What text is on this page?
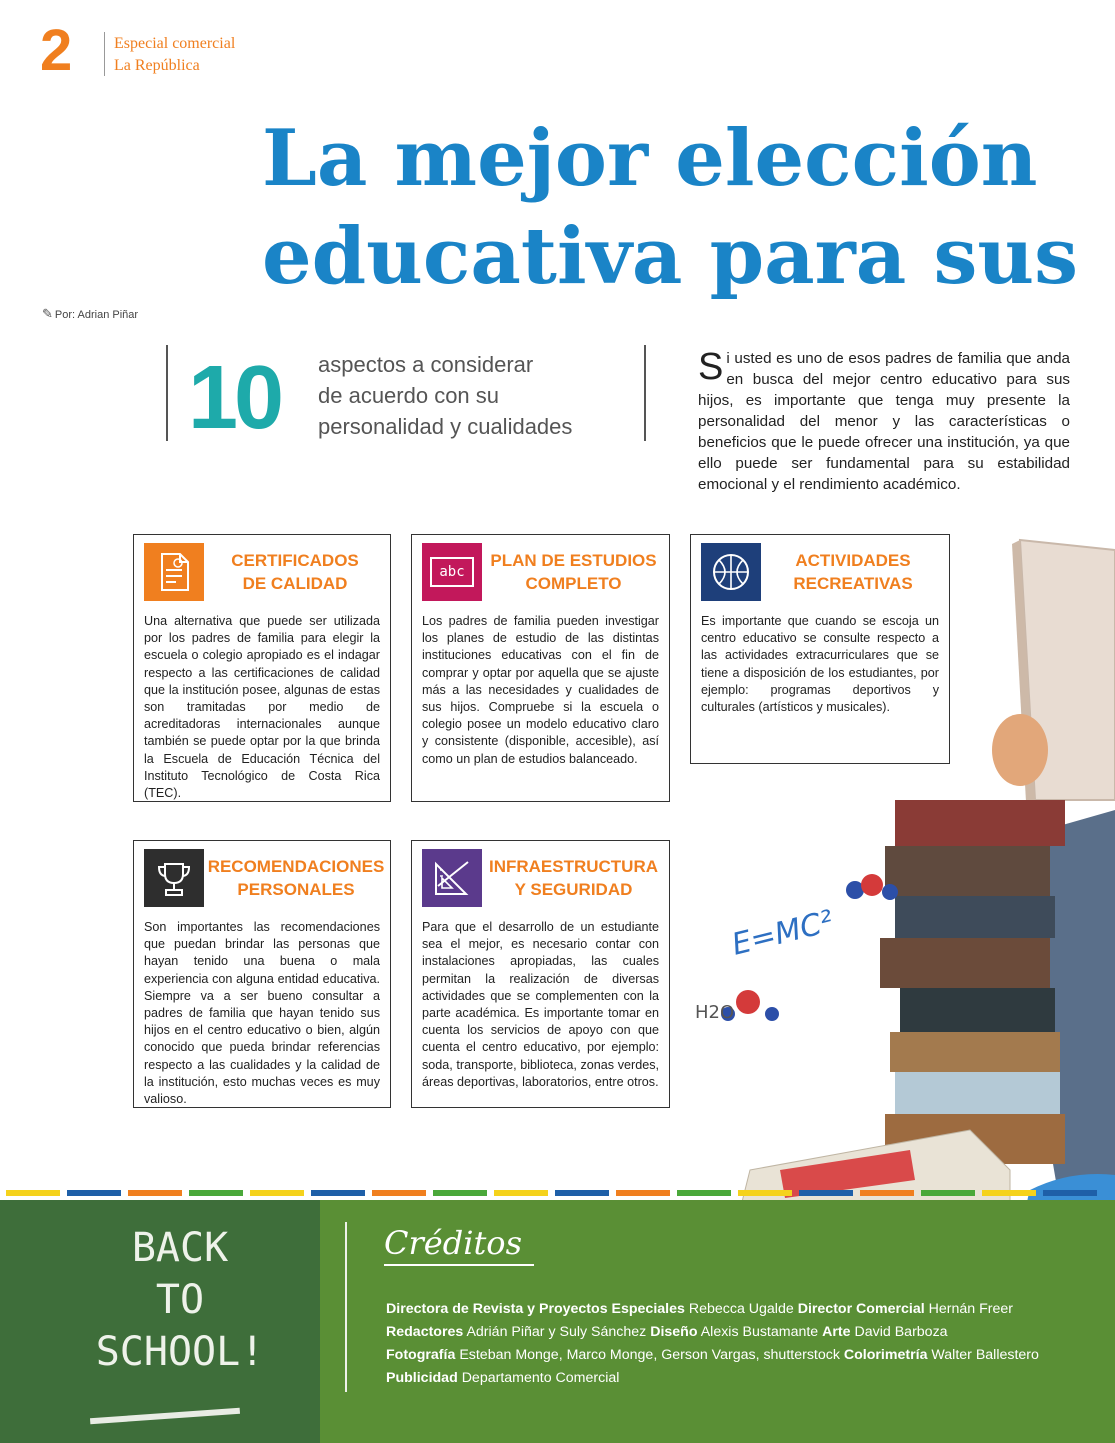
2	Especial comercial
La República
La mejor elección
educativa para sus
✎ Por: Adrian Piñar
10 aspectos a considerar
de acuerdo con su
personalidad y cualidades
Si usted es uno de esos padres de familia que anda en busca del mejor centro educativo para sus hijos, es importante que tenga muy presente la personalidad del menor y las características o beneficios que le puede ofrecer una institución, ya que ello puede ser fundamental para su estabilidad emocional y el rendimiento académico.
CERTIFICADOS
DE CALIDAD
Una alternativa que puede ser utilizada por los padres de familia para elegir la escuela o colegio apropiado es el indagar respecto a las certificaciones de calidad que la institución posee, algunas de estas son tramitadas por medio de acreditadoras internacionales aunque también se puede optar por la que brinda la Escuela de Educación Técnica del Instituto Tecnológico de Costa Rica (TEC).
abc
PLAN DE ESTUDIOS
COMPLETO
Los padres de familia pueden investigar los planes de estudio de las distintas instituciones educativas con el fin de comprar y optar por aquella que se ajuste más a las necesidades y cualidades de sus hijos. Compruebe si la escuela o colegio posee un modelo educativo claro y consistente (disponible, accesible), así como un plan de estudios balanceado.
ACTIVIDADES
RECREATIVAS
Es importante que cuando se escoja un centro educativo se consulte respecto a las actividades extracurriculares que se tiene a disposición de los estudiantes, por ejemplo: programas deportivos y culturales (artísticos y musicales).
RECOMENDACIONES
PERSONALES
Son importantes las recomendaciones que puedan brindar las personas que hayan tenido una buena o mala experiencia con alguna entidad educativa. Siempre va a ser bueno consultar a padres de familia que hayan tenido sus hijos en el centro educativo o bien, algún conocido que pueda brindar referencias respecto a las cualidades y la calidad de la institución, esto muchas veces es muy valioso.
INFRAESTRUCTURA
Y SEGURIDAD
Para que el desarrollo de un estudiante sea el mejor, es necesario contar con instalaciones apropiadas, las cuales permitan la realización de diversas actividades que se complementen con la parte académica. Es importante tomar en cuenta los servicios de apoyo con que cuenta el centro educativo, por ejemplo: soda, transporte, biblioteca, zonas verdes, áreas deportivas, laboratorios, entre otros.
E=MC²
H2O
BACK
TO
SCHOOL!
Créditos
Directora de Revista y Proyectos Especiales Rebecca Ugalde Director Comercial Hernán Freer
Redactores Adrián Piñar y Suly Sánchez Diseño Alexis Bustamante Arte David Barboza
Fotografía Esteban Monge, Marco Monge, Gerson Vargas, shutterstock Colorimetría Walter Ballestero
Publicidad Departamento Comercial
